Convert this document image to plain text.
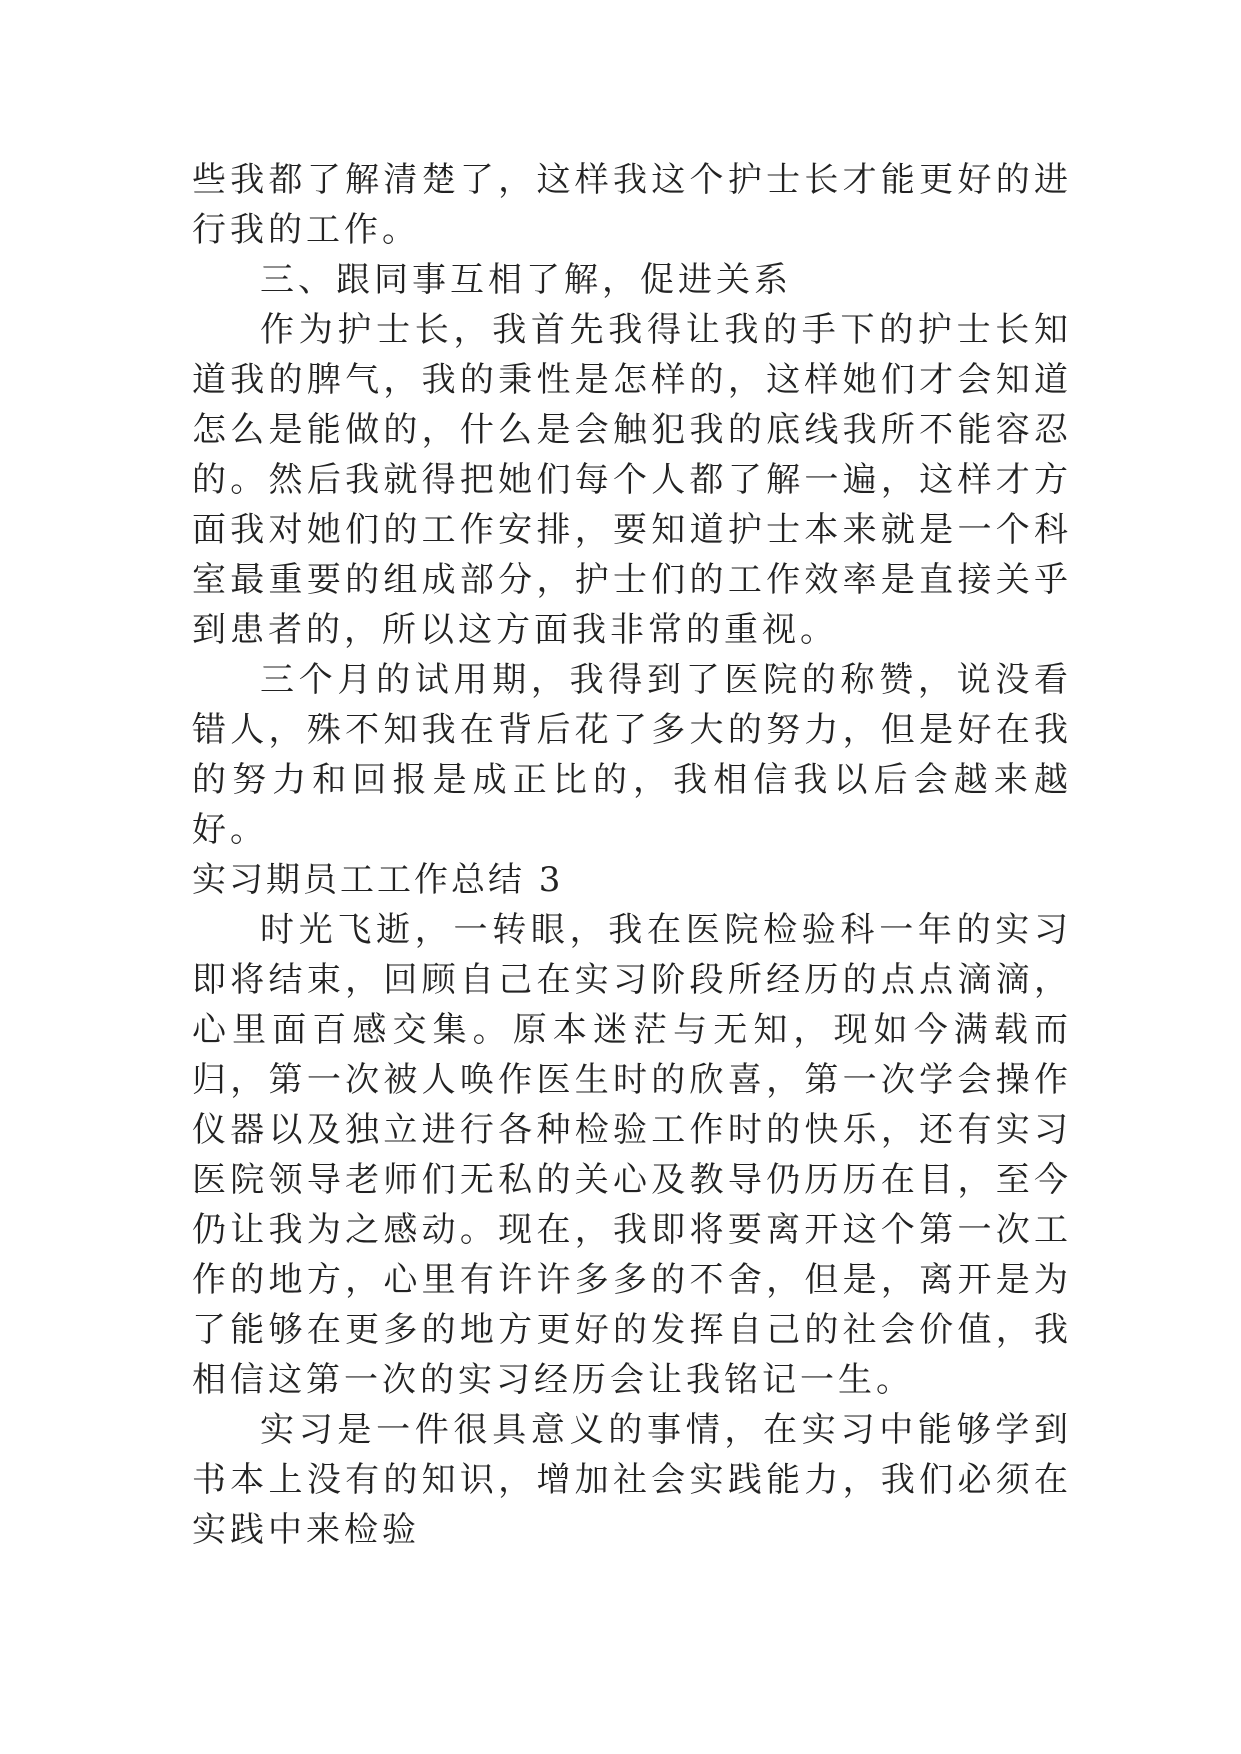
些我都了解清楚了，这样我这个护士长才能更好的进行我的工作。

三、跟同事互相了解，促进关系

作为护士长，我首先我得让我的手下的护士长知道我的脾气，我的秉性是怎样的，这样她们才会知道怎么是能做的，什么是会触犯我的底线我所不能容忍的。然后我就得把她们每个人都了解一遍，这样才方面我对她们的工作安排，要知道护士本来就是一个科室最重要的组成部分，护士们的工作效率是直接关乎到患者的，所以这方面我非常的重视。

三个月的试用期，我得到了医院的称赞，说没看错人，殊不知我在背后花了多大的努力，但是好在我的努力和回报是成正比的，我相信我以后会越来越好。

实习期员工工作总结 3

时光飞逝，一转眼，我在医院检验科一年的实习即将结束，回顾自己在实习阶段所经历的点点滴滴，心里面百感交集。原本迷茫与无知，现如今满载而归，第一次被人唤作医生时的欣喜，第一次学会操作仪器以及独立进行各种检验工作时的快乐，还有实习医院领导老师们无私的关心及教导仍历历在目，至今仍让我为之感动。现在，我即将要离开这个第一次工作的地方，心里有许许多多的不舍，但是，离开是为了能够在更多的地方更好的发挥自己的社会价值，我相信这第一次的实习经历会让我铭记一生。

实习是一件很具意义的事情，在实习中能够学到书本上没有的知识，增加社会实践能力，我们必须在实践中来检验
